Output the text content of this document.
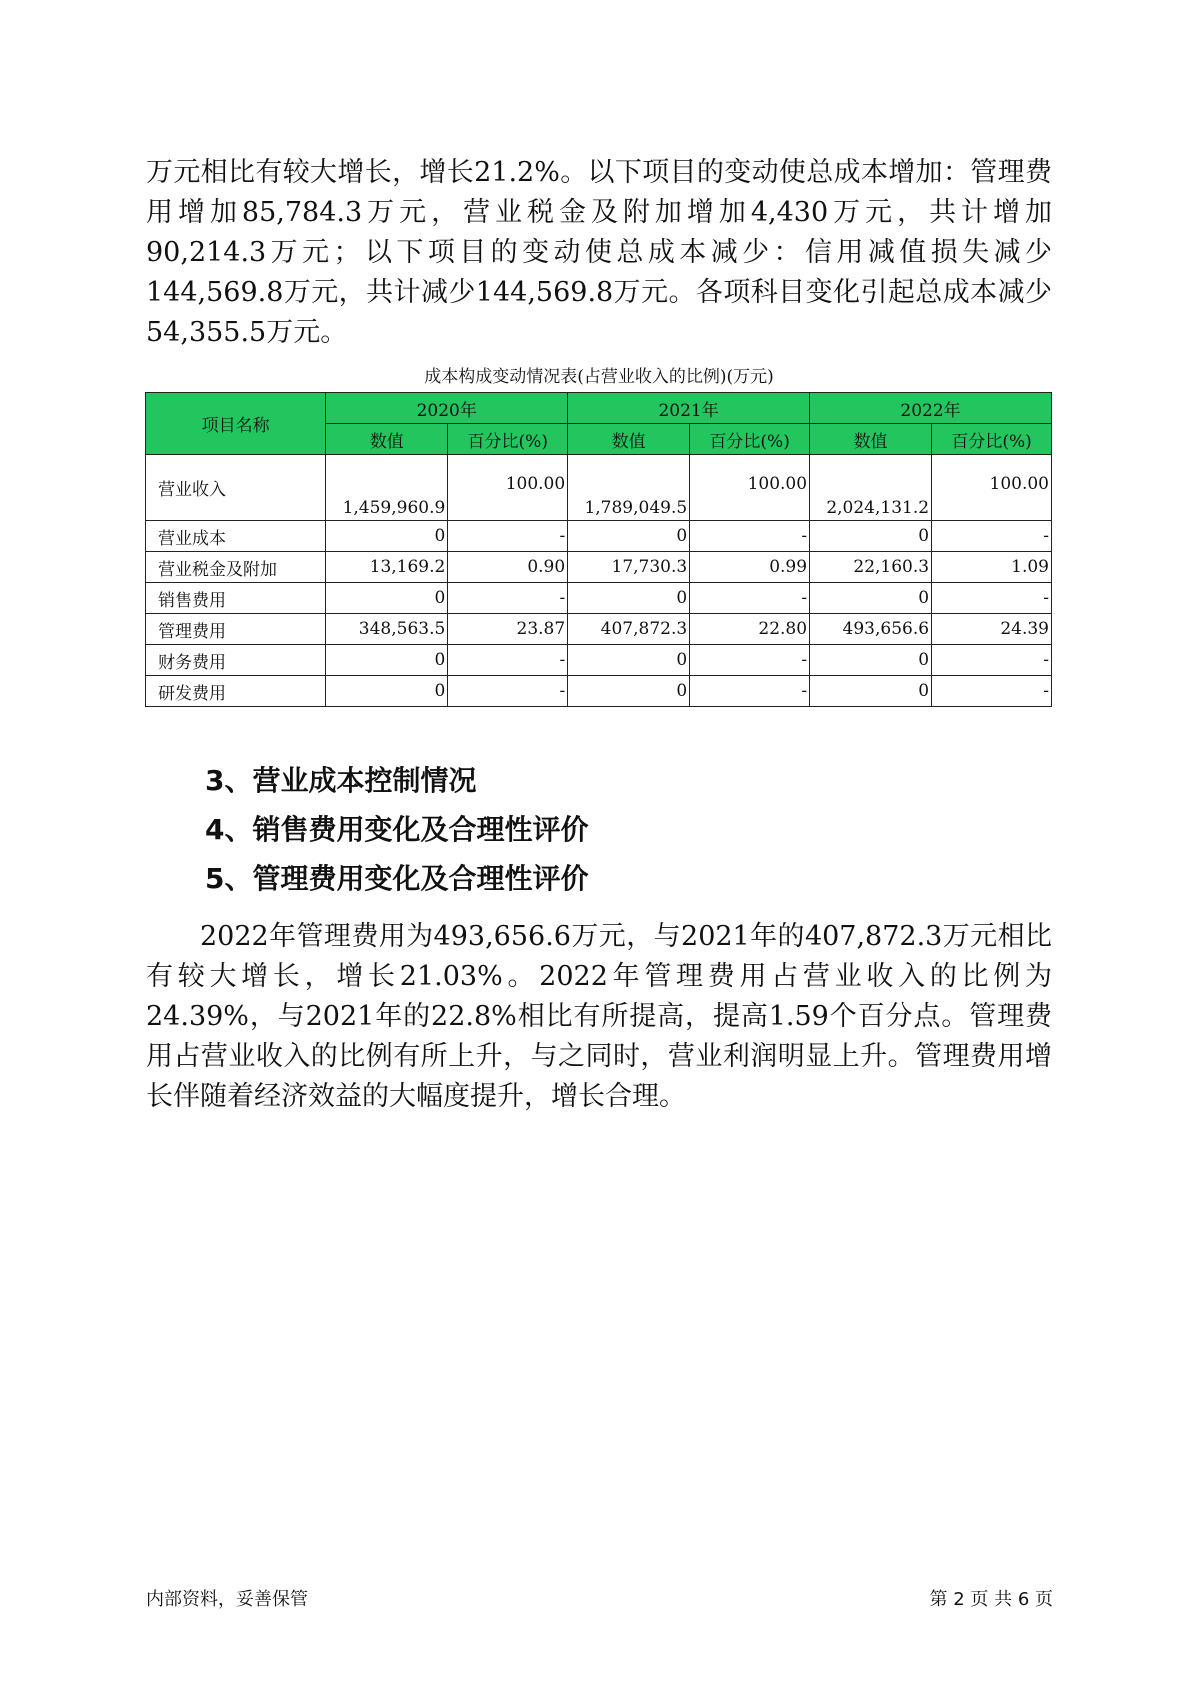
万元相比有较大增长，增长21.2%。以下项目的变动使总成本增加：管理费用增加85,784.3万元，营业税金及附加增加4,430万元，共计增加90,214.3万元；以下项目的变动使总成本减少：信用减值损失减少144,569.8万元，共计减少144,569.8万元。各项科目变化引起总成本减少54,355.5万元。

成本构成变动情况表(占营业收入的比例)(万元)
项目名称	2020年		2021年		2022年	
	数值	百分比(%)	数值	百分比(%)	数值	百分比(%)
营业收入	1,459,960.9	100.00	1,789,049.5	100.00	2,024,131.2	100.00
营业成本	0	-	0	-	0	-
营业税金及附加	13,169.2	0.90	17,730.3	0.99	22,160.3	1.09
销售费用	0	-	0	-	0	-
管理费用	348,563.5	23.87	407,872.3	22.80	493,656.6	24.39
财务费用	0	-	0	-	0	-
研发费用	0	-	0	-	0	-
3、营业成本控制情况
4、销售费用变化及合理性评价
5、管理费用变化及合理性评价

2022年管理费用为493,656.6万元，与2021年的407,872.3万元相比有较大增长，增长21.03%。2022年管理费用占营业收入的比例为24.39%，与2021年的22.8%相比有所提高，提高1.59个百分点。管理费用占营业收入的比例有所上升，与之同时，营业利润明显上升。管理费用增长伴随着经济效益的大幅度提升，增长合理。

内部资料，妥善保管	第 2 页 共 6 页
